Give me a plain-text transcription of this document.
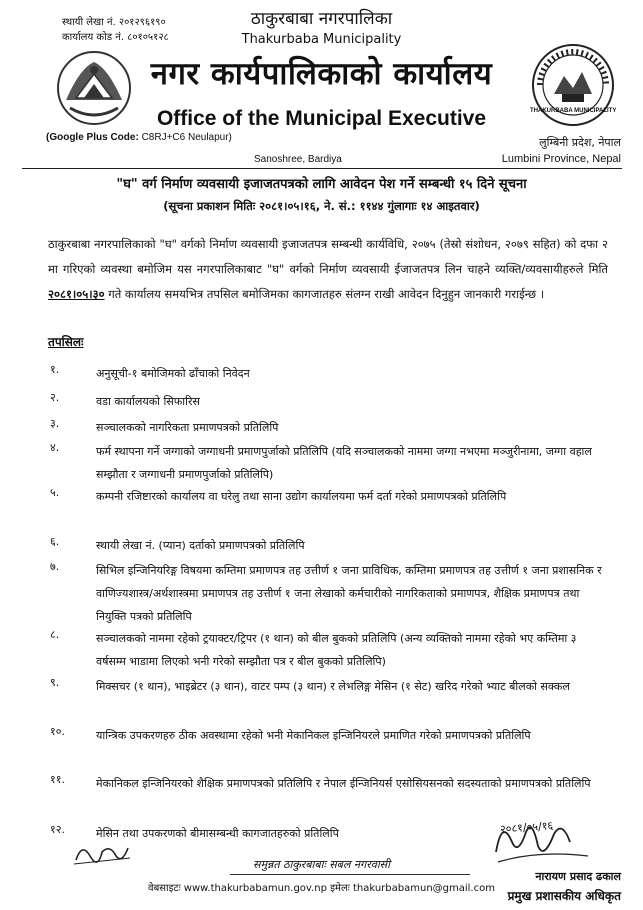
स्थायी लेखा नं. २०१२९६१९०
कार्यालय कोड नं. ८०१०५१२८
THAKURBABA MUNICIPALITY
ठाकुरबाबा नगरपालिका
Thakurbaba Municipality
नगर कार्यपालिकाको कार्यालय
Office of the Municipal Executive
(Google Plus Code: C8RJ+C6 Neulapur)
Sanoshree, Bardiya
लुम्बिनी प्रदेश, नेपाल
Lumbini Province, Nepal
"घ" वर्ग निर्माण व्यवसायी इजाजतपत्रको लागि आवेदन पेश गर्ने सम्बन्धी १५ दिने सूचना
(सूचना प्रकाशन मितिः २०८१।०५।१६, ने. सं.: ११४४ गुंलागाः १४ आइतवार)
ठाकुरबाबा नगरपालिकाको "घ" वर्गको निर्माण व्यवसायी इजाजतपत्र सम्बन्धी कार्यविधि, २०७५ (तेस्रो संशोधन, २०७९ सहित) को दफा २ मा गरिएको व्यवस्था बमोजिम यस नगरपालिकाबाट "घ" वर्गको निर्माण व्यवसायी ईजाजतपत्र लिन चाहने व्यक्ति/व्यवसायीहरुले मिति २०८१।०५।३० गते कार्यालय समयभित्र तपसिल बमोजिमका कागजातहरु संलग्न राखी आवेदन दिनुहुन जानकारी गराईन्छ ।
तपसिलः
१.	अनुसूची-१ बमोजिमको ढाँचाको निवेदन
२.	वडा कार्यालयको सिफारिस
३.	सञ्चालकको नागरिकता प्रमाणपत्रको प्रतिलिपि
४.	फर्म स्थापना गर्ने जग्गाको जग्गाधनी प्रमाणपुर्जाको प्रतिलिपि (यदि सञ्चालकको नाममा जग्गा नभएमा मञ्जुरीनामा, जग्गा वहाल सम्झौता र जग्गाधनी प्रमाणपुर्जाको प्रतिलिपि)
५.	कम्पनी रजिष्टारको कार्यालय वा घरेलु तथा साना उद्योग कार्यालयमा फर्म दर्ता गरेको प्रमाणपत्रको प्रतिलिपि
६.	स्थायी लेखा नं. (प्यान) दर्ताको प्रमाणपत्रको प्रतिलिपि
७.	सिभिल इन्जिनियरिङ्ग विषयमा कम्तिमा प्रमाणपत्र तह उत्तीर्ण १ जना प्राविधिक, कम्तिमा प्रमाणपत्र तह उत्तीर्ण १ जना प्रशासनिक र वाणिज्यशास्त्र/अर्थशास्त्रमा प्रमाणपत्र तह उत्तीर्ण १ जना लेखाको कर्मचारीको नागरिकताको प्रमाणपत्र, शैक्षिक प्रमाणपत्र तथा नियुक्ति पत्रको प्रतिलिपि
८.	सञ्चालकको नाममा रहेको ट्रयाक्टर/ट्रिपर (१ थान) को बील बुकको प्रतिलिपि (अन्य व्यक्तिको नाममा रहेको भए कम्तिमा ३ वर्षसम्म भाडामा लिएको भनी गरेको सम्झौता पत्र र बील बुकको प्रतिलिपि)
९.	मिक्सचर (१ थान), भाइब्रेटर (३ थान), वाटर पम्प (३ थान) र लेभलिङ्ग मेसिन (१ सेट) खरिद गरेको भ्याट बीलको सक्कल
१०.	यान्त्रिक उपकरणहरु ठीक अवस्थामा रहेको भनी मेकानिकल इन्जिनियरले प्रमाणित गरेको प्रमाणपत्रको प्रतिलिपि
११.	मेकानिकल इन्जिनियरको शैक्षिक प्रमाणपत्रको प्रतिलिपि र नेपाल ईन्जिनियर्स एसोसियसनको सदस्यताको प्रमाणपत्रको प्रतिलिपि
१२.	मेसिन तथा उपकरणको बीमासम्बन्धी कागजातहरुको प्रतिलिपि	२०८१/०५/१६
नारायण प्रसाद ढकाल
प्रमुख प्रशासकीय अधिकृत
समुन्नत ठाकुरबाबाः सबल नगरवासी
वेबसाइटः www.thakurbabamun.gov.np इमेलः thakurbabamun@gmail.com
